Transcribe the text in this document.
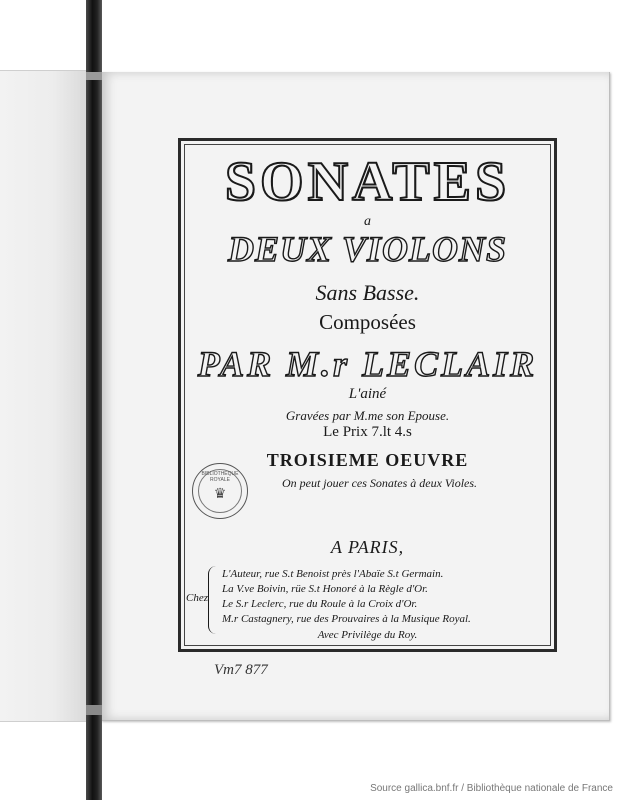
SONATES
a
DEUX VIOLONS
Sans Basse.
Composées
PAR M.r LECLAIR
L'ainé
Gravées par M.me son Epouse.
Le Prix 7.lt 4.s
TROISIEME OEUVRE
On peut jouer ces Sonates à deux Violes.
BIBLIOTHEQUE ROYALE
♛
A PARIS,
Chez
L'Auteur, rue S.t Benoist près l'Abaïe S.t Germain.
La V.ve Boivin, rüe S.t Honoré à la Règle d'Or.
Le S.r Leclerc, rue du Roule à la Croix d'Or.
M.r Castagnery, rue des Prouvaires à la Musique Royal.
Avec Privilège du Roy.
Vm7 877
Source gallica.bnf.fr / Bibliothèque nationale de France
